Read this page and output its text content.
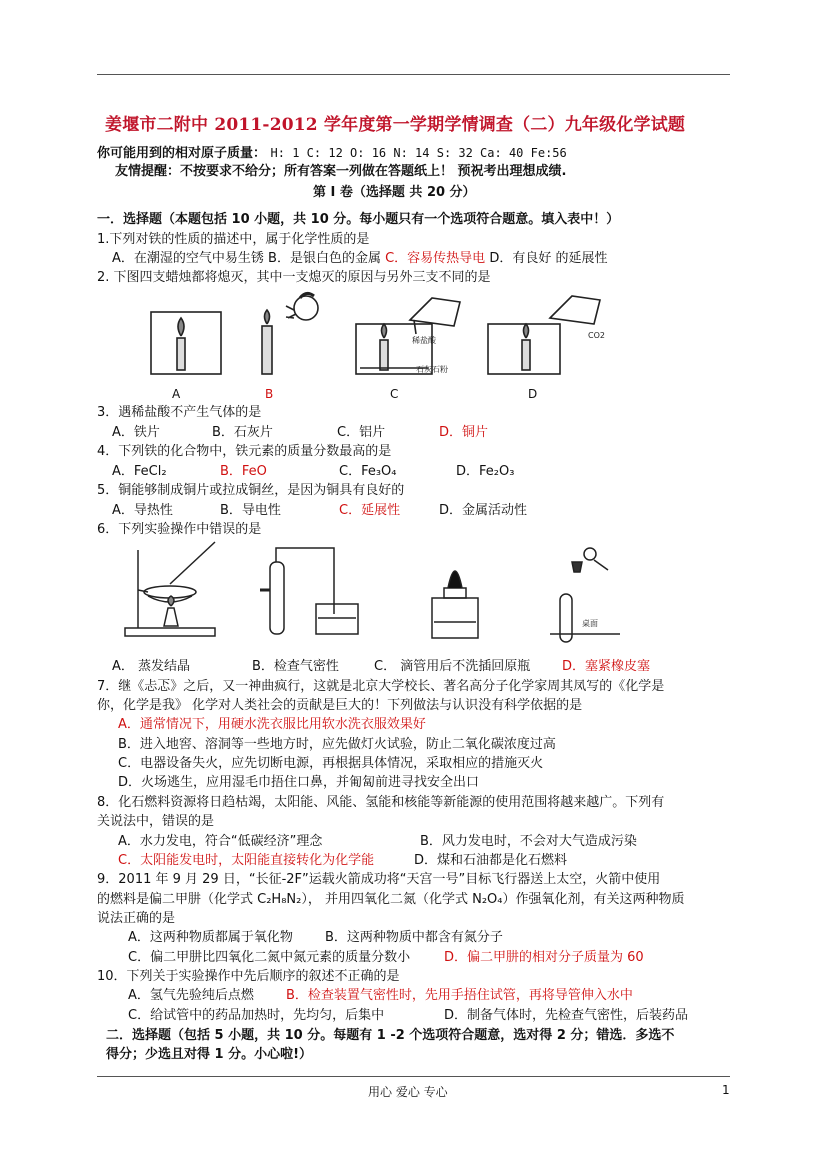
姜堰市二附中 2011-2012 学年度第一学期学情调查（二）九年级化学试题
你可能用到的相对原子质量： H: 1 C: 12 O: 16 N: 14 S: 32 Ca: 40 Fe:56
友情提醒：不按要求不给分；所有答案一列做在答题纸上！ 预祝考出理想成绩.
第 I 卷（选择题 共 20 分）
一．选择题（本题包括 10 小题，共 10 分。每小题只有一个选项符合题意。填入表中！）
1.下列对铁的性质的描述中，属于化学性质的是
A．在潮湿的空气中易生锈 B．是银白色的金属 C．容易传热导电 D．有良好 的延展性
2. 下图四支蜡烛都将熄灭，其中一支熄灭的原因与另外三支不同的是
稀盐酸
石灰石粉
CO2
A	B	C	D
3．遇稀盐酸不产生气体的是
A．铁片	B．石灰片	C．铝片	D．铜片
4．下列铁的化合物中，铁元素的质量分数最高的是
A．FeCl₂	B．FeO	C．Fe₃O₄	D．Fe₂O₃
5．铜能够制成铜片或拉成铜丝，是因为铜具有良好的
A．导热性	B．导电性	C．延展性	D．金属活动性
6．下列实验操作中错误的是
桌面
A． 蒸发结晶	B．检查气密性	C． 滴管用后不洗插回原瓶 D．塞紧橡皮塞
7．继《忐忑》之后，又一神曲疯行，这就是北京大学校长、著名高分子化学家周其凤写的《化学是
你，化学是我》 化学对人类社会的贡献是巨大的！下列做法与认识没有科学依据的是
A．通常情况下，用硬水洗衣服比用软水洗衣服效果好
B．进入地窖、溶洞等一些地方时，应先做灯火试验，防止二氧化碳浓度过高
C．电器设备失火，应先切断电源，再根据具体情况，采取相应的措施灭火
D．火场逃生，应用湿毛巾捂住口鼻，并匍匐前进寻找安全出口
8．化石燃料资源将日趋枯竭，太阳能、风能、氢能和核能等新能源的使用范围将越来越广。下列有
关说法中，错误的是
A．水力发电，符合“低碳经济”理念	B．风力发电时，不会对大气造成污染
C．太阳能发电时，太阳能直接转化为化学能	D．煤和石油都是化石燃料
9．2011 年 9 月 29 日，“长征-2F”运载火箭成功将“天宫一号”目标飞行器送上太空，火箭中使用
的燃料是偏二甲肼（化学式 C₂H₈N₂）， 并用四氧化二氮（化学式 N₂O₄）作强氧化剂，有关这两种物质
说法正确的是
A．这两种物质都属于氧化物 B．这两种物质中都含有氮分子
C．偏二甲肼比四氧化二氮中氮元素的质量分数小	D．偏二甲肼的相对分子质量为 60
10．下列关于实验操作中先后顺序的叙述不正确的是
A．氢气先验纯后点燃 B．检查装置气密性时，先用手捂住试管，再将导管伸入水中
C．给试管中的药品加热时，先均匀，后集中	D．制备气体时，先检查气密性，后装药品
二．选择题（包括 5 小题，共 10 分。每题有 1 -2 个选项符合题意，选对得 2 分；错选．多选不
得分；少选且对得 1 分。小心啦!）
用心 爱心 专心	1
